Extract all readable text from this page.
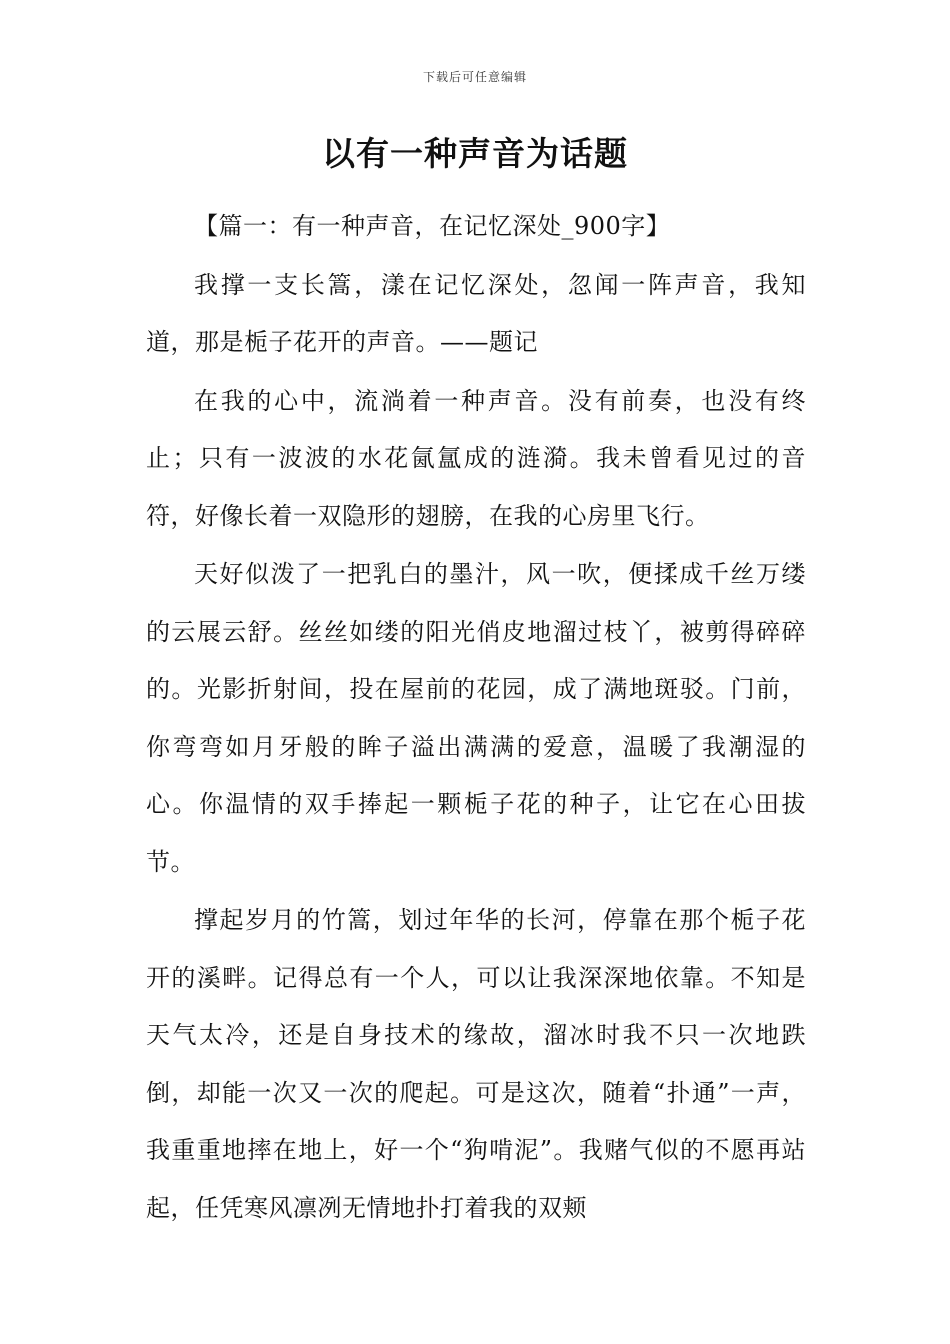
下载后可任意编辑
以有一种声音为话题

【篇一：有一种声音，在记忆深处_900字】

我撑一支长篙，漾在记忆深处，忽闻一阵声音，我知道，那是栀子花开的声音。——题记

在我的心中，流淌着一种声音。没有前奏，也没有终止；只有一波波的水花氤氲成的涟漪。我未曾看见过的音符，好像长着一双隐形的翅膀，在我的心房里飞行。

天好似泼了一把乳白的墨汁，风一吹，便揉成千丝万缕的云展云舒。丝丝如缕的阳光俏皮地溜过枝丫，被剪得碎碎的。光影折射间，投在屋前的花园，成了满地斑驳。门前，你弯弯如月牙般的眸子溢出满满的爱意，温暖了我潮湿的心。你温情的双手捧起一颗栀子花的种子，让它在心田拔节。

撑起岁月的竹篙，划过年华的长河，停靠在那个栀子花开的溪畔。记得总有一个人，可以让我深深地依靠。不知是天气太冷，还是自身技术的缘故，溜冰时我不只一次地跌倒，却能一次又一次的爬起。可是这次，随着“扑通”一声，我重重地摔在地上，好一个“狗啃泥”。我赌气似的不愿再站起，任凭寒风凛冽无情地扑打着我的双颊
